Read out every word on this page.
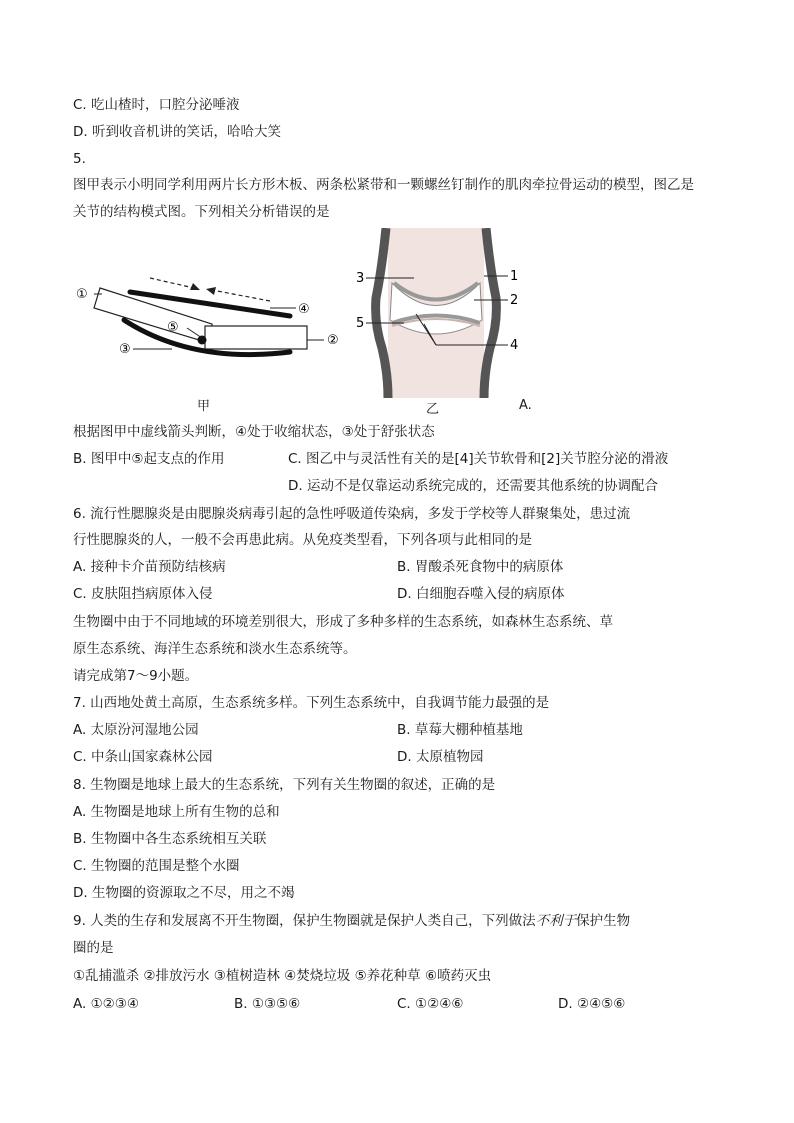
C. 吃山楂时，口腔分泌唾液
D. 听到收音机讲的笑话，哈哈大笑
5.
图甲表示小明同学利用两片长方形木板、两条松紧带和一颗螺丝钉制作的肌肉牵拉骨运动的模型，图乙是
关节的结构模式图。下列相关分析错误的是
①
②
③
④
⑤
甲
3	1
2
5
4
乙	A.
根据图甲中虚线箭头判断，④处于收缩状态，③处于舒张状态
B. 图甲中⑤起支点的作用	C. 图乙中与灵活性有关的是[4]关节软骨和[2]关节腔分泌的滑液
D. 运动不是仅靠运动系统完成的，还需要其他系统的协调配合
6. 流行性腮腺炎是由腮腺炎病毒引起的急性呼吸道传染病，多发于学校等人群聚集处，患过流
行性腮腺炎的人，一般不会再患此病。从免疫类型看，下列各项与此相同的是
A. 接种卡介苗预防结核病	B. 胃酸杀死食物中的病原体
C. 皮肤阻挡病原体入侵	D. 白细胞吞噬入侵的病原体
生物圈中由于不同地域的环境差别很大，形成了多种多样的生态系统，如森林生态系统、草
原生态系统、海洋生态系统和淡水生态系统等。
请完成第7～9小题。
7. 山西地处黄土高原，生态系统多样。下列生态系统中，自我调节能力最强的是
A. 太原汾河湿地公园	B. 草莓大棚种植基地
C. 中条山国家森林公园	D. 太原植物园
8. 生物圈是地球上最大的生态系统，下列有关生物圈的叙述，正确的是
A. 生物圈是地球上所有生物的总和
B. 生物圈中各生态系统相互关联
C. 生物圈的范围是整个水圈
D. 生物圈的资源取之不尽，用之不竭
9. 人类的生存和发展离不开生物圈，保护生物圈就是保护人类自己，下列做法不利于保护生物
圈的是
①乱捕滥杀 ②排放污水 ③植树造林 ④焚烧垃圾 ⑤养花种草 ⑥喷药灭虫
A. ①②③④	B. ①③⑤⑥	C. ①②④⑥	D. ②④⑤⑥
